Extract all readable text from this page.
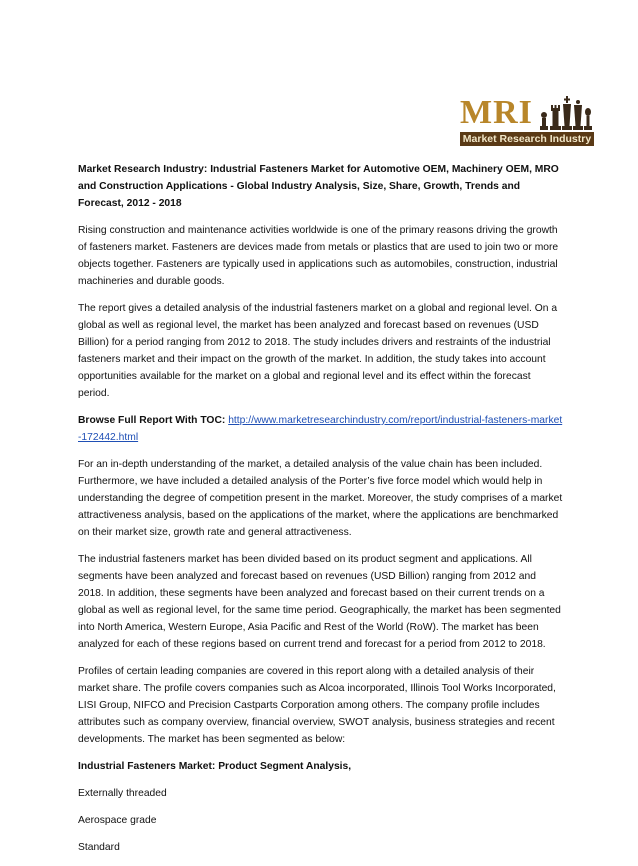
MRI
Market Research Industry

Market Research Industry: Industrial Fasteners Market for Automotive OEM, Machinery OEM, MRO and Construction Applications - Global Industry Analysis, Size, Share, Growth, Trends and Forecast, 2012 - 2018

Rising construction and maintenance activities worldwide is one of the primary reasons driving the growth of fasteners market. Fasteners are devices made from metals or plastics that are used to join two or more objects together. Fasteners are typically used in applications such as automobiles, construction, industrial machineries and durable goods.

The report gives a detailed analysis of the industrial fasteners market on a global and regional level. On a global as well as regional level, the market has been analyzed and forecast based on revenues (USD Billion) for a period ranging from 2012 to 2018. The study includes drivers and restraints of the industrial fasteners market and their impact on the growth of the market. In addition, the study takes into account opportunities available for the market on a global and regional level and its effect within the forecast period.

Browse Full Report With TOC: http://www.marketresearchindustry.com/report/industrial-fasteners-market-172442.html

For an in-depth understanding of the market, a detailed analysis of the value chain has been included. Furthermore, we have included a detailed analysis of the Porter’s five force model which would help in understanding the degree of competition present in the market. Moreover, the study comprises of a market attractiveness analysis, based on the applications of the market, where the applications are benchmarked on their market size, growth rate and general attractiveness.

The industrial fasteners market has been divided based on its product segment and applications. All segments have been analyzed and forecast based on revenues (USD Billion) ranging from 2012 and 2018. In addition, these segments have been analyzed and forecast based on their current trends on a global as well as regional level, for the same time period. Geographically, the market has been segmented into North America, Western Europe, Asia Pacific and Rest of the World (RoW). The market has been analyzed for each of these regions based on current trend and forecast for a period from 2012 to 2018.

Profiles of certain leading companies are covered in this report along with a detailed analysis of their market share. The profile covers companies such as Alcoa incorporated, Illinois Tool Works Incorporated, LISI Group, NIFCO and Precision Castparts Corporation among others. The company profile includes attributes such as company overview, financial overview, SWOT analysis, business strategies and recent developments. The market has been segmented as below:

Industrial Fasteners Market: Product Segment Analysis,

Externally threaded

Aerospace grade

Standard
